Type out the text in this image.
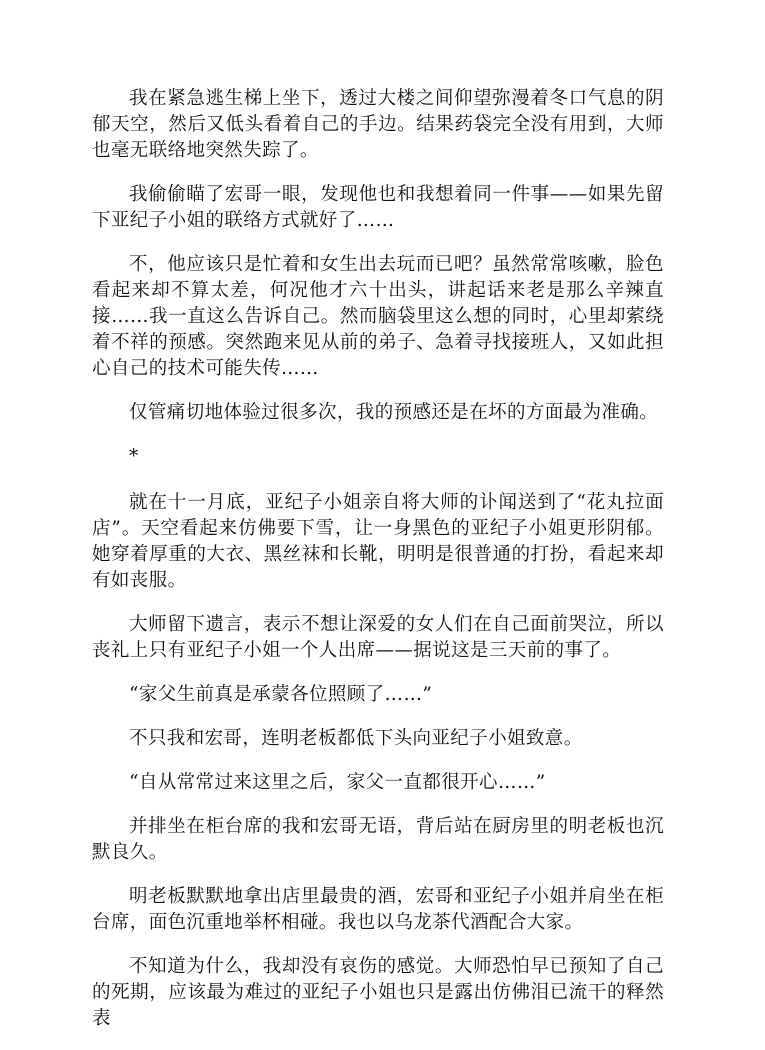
我在紧急逃生梯上坐下，透过大楼之间仰望弥漫着冬口气息的阴郁天空，然后又低头看着自己的手边。结果药袋完全没有用到，大师也毫无联络地突然失踪了。

我偷偷瞄了宏哥一眼，发现他也和我想着同一件事——如果先留下亚纪子小姐的联络方式就好了……

不，他应该只是忙着和女生出去玩而已吧？虽然常常咳嗽，脸色看起来却不算太差，何况他才六十出头，讲起话来老是那么辛辣直接……我一直这么告诉自己。然而脑袋里这么想的同时，心里却萦绕着不祥的预感。突然跑来见从前的弟子、急着寻找接班人，又如此担心自己的技术可能失传……

仅管痛切地体验过很多次，我的预感还是在坏的方面最为准确。

*

就在十一月底，亚纪子小姐亲自将大师的讣闻送到了“花丸拉面店”。天空看起来仿佛要下雪，让一身黑色的亚纪子小姐更形阴郁。她穿着厚重的大衣、黑丝袜和长靴，明明是很普通的打扮，看起来却有如丧服。

大师留下遗言，表示不想让深爱的女人们在自己面前哭泣，所以丧礼上只有亚纪子小姐一个人出席——据说这是三天前的事了。

“家父生前真是承蒙各位照顾了……”

不只我和宏哥，连明老板都低下头向亚纪子小姐致意。

“自从常常过来这里之后，家父一直都很开心……”

并排坐在柜台席的我和宏哥无语，背后站在厨房里的明老板也沉默良久。

明老板默默地拿出店里最贵的酒，宏哥和亚纪子小姐并肩坐在柜台席，面色沉重地举杯相碰。我也以乌龙茶代酒配合大家。

不知道为什么，我却没有哀伤的感觉。大师恐怕早已预知了自己的死期，应该最为难过的亚纪子小姐也只是露出仿佛泪已流干的释然表
